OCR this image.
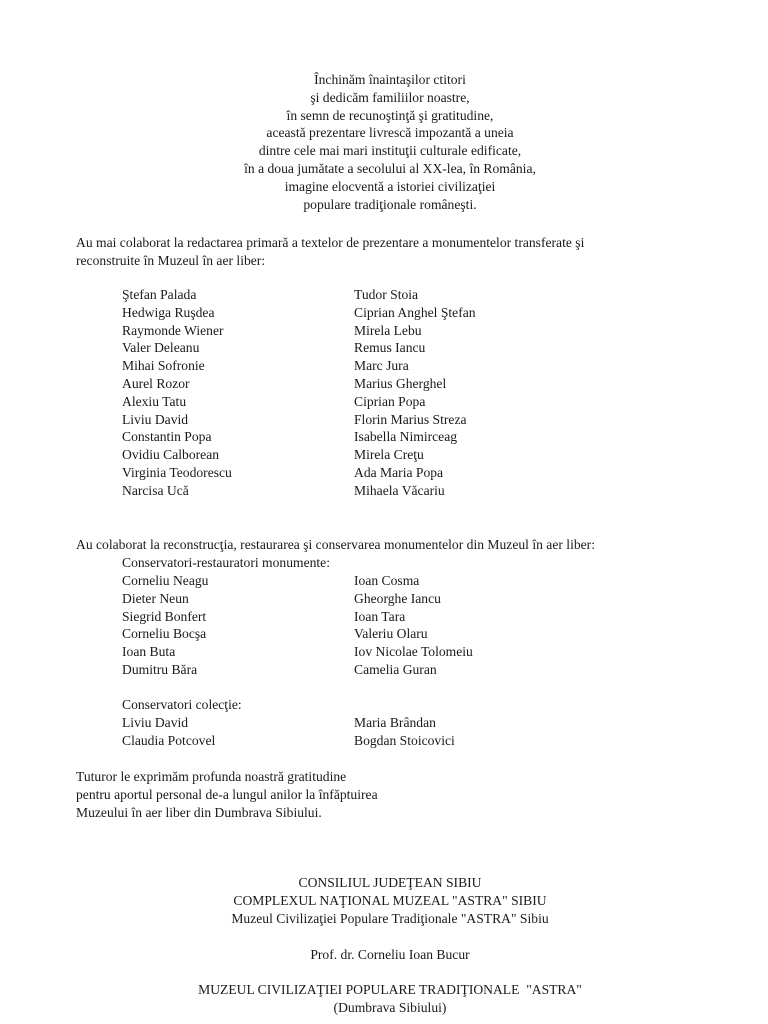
Închinăm înaintaşilor ctitori
şi dedicăm familiilor noastre,
în semn de recunoştinţă şi gratitudine,
această prezentare livrescă impozantă a uneia
dintre cele mai mari instituţii culturale edificate,
în a doua jumătate a secolului al XX-lea, în România,
imagine elocventă a istoriei civilizaţiei
populare tradiţionale româneşti.
Au mai colaborat la redactarea primară a textelor de prezentare a monumentelor transferate şi
reconstruite în Muzeul în aer liber:
Ştefan Palada	Tudor Stoia
Hedwiga Ruşdea	Ciprian Anghel Ştefan
Raymonde Wiener	Mirela Lebu
Valer Deleanu	Remus Iancu
Mihai Sofronie	Marc Jura
Aurel Rozor	Marius Gherghel
Alexiu Tatu	Ciprian Popa
Liviu David	Florin Marius Streza
Constantin Popa	Isabella Nimirceag
Ovidiu Calborean	Mirela Creţu
Virginia Teodorescu	Ada Maria Popa
Narcisa Ucă	Mihaela Văcariu
Au colaborat la reconstrucţia, restaurarea şi conservarea monumentelor din Muzeul în aer liber:
Conservatori-restauratori monumente:
Corneliu Neagu	Ioan Cosma
Dieter Neun	Gheorghe Iancu
Siegrid Bonfert	Ioan Tara
Corneliu Bocşa	Valeriu Olaru
Ioan Buta	Iov Nicolae Tolomeiu
Dumitru Băra	Camelia Guran
Conservatori colecţie:
Liviu David	Maria Brândan
Claudia Potcovel	Bogdan Stoicovici
Tuturor le exprimăm profunda noastră gratitudine
pentru aportul personal de-a lungul anilor la înfăptuirea
Muzeului în aer liber din Dumbrava Sibiului.
CONSILIUL JUDEŢEAN SIBIU
COMPLEXUL NAŢIONAL MUZEAL "ASTRA" SIBIU
Muzeul Civilizaţiei Populare Tradiţionale "ASTRA" Sibiu
Prof. dr. Corneliu Ioan Bucur
MUZEUL CIVILIZAŢIEI POPULARE TRADIŢIONALE  "ASTRA"
(Dumbrava Sibiului)
